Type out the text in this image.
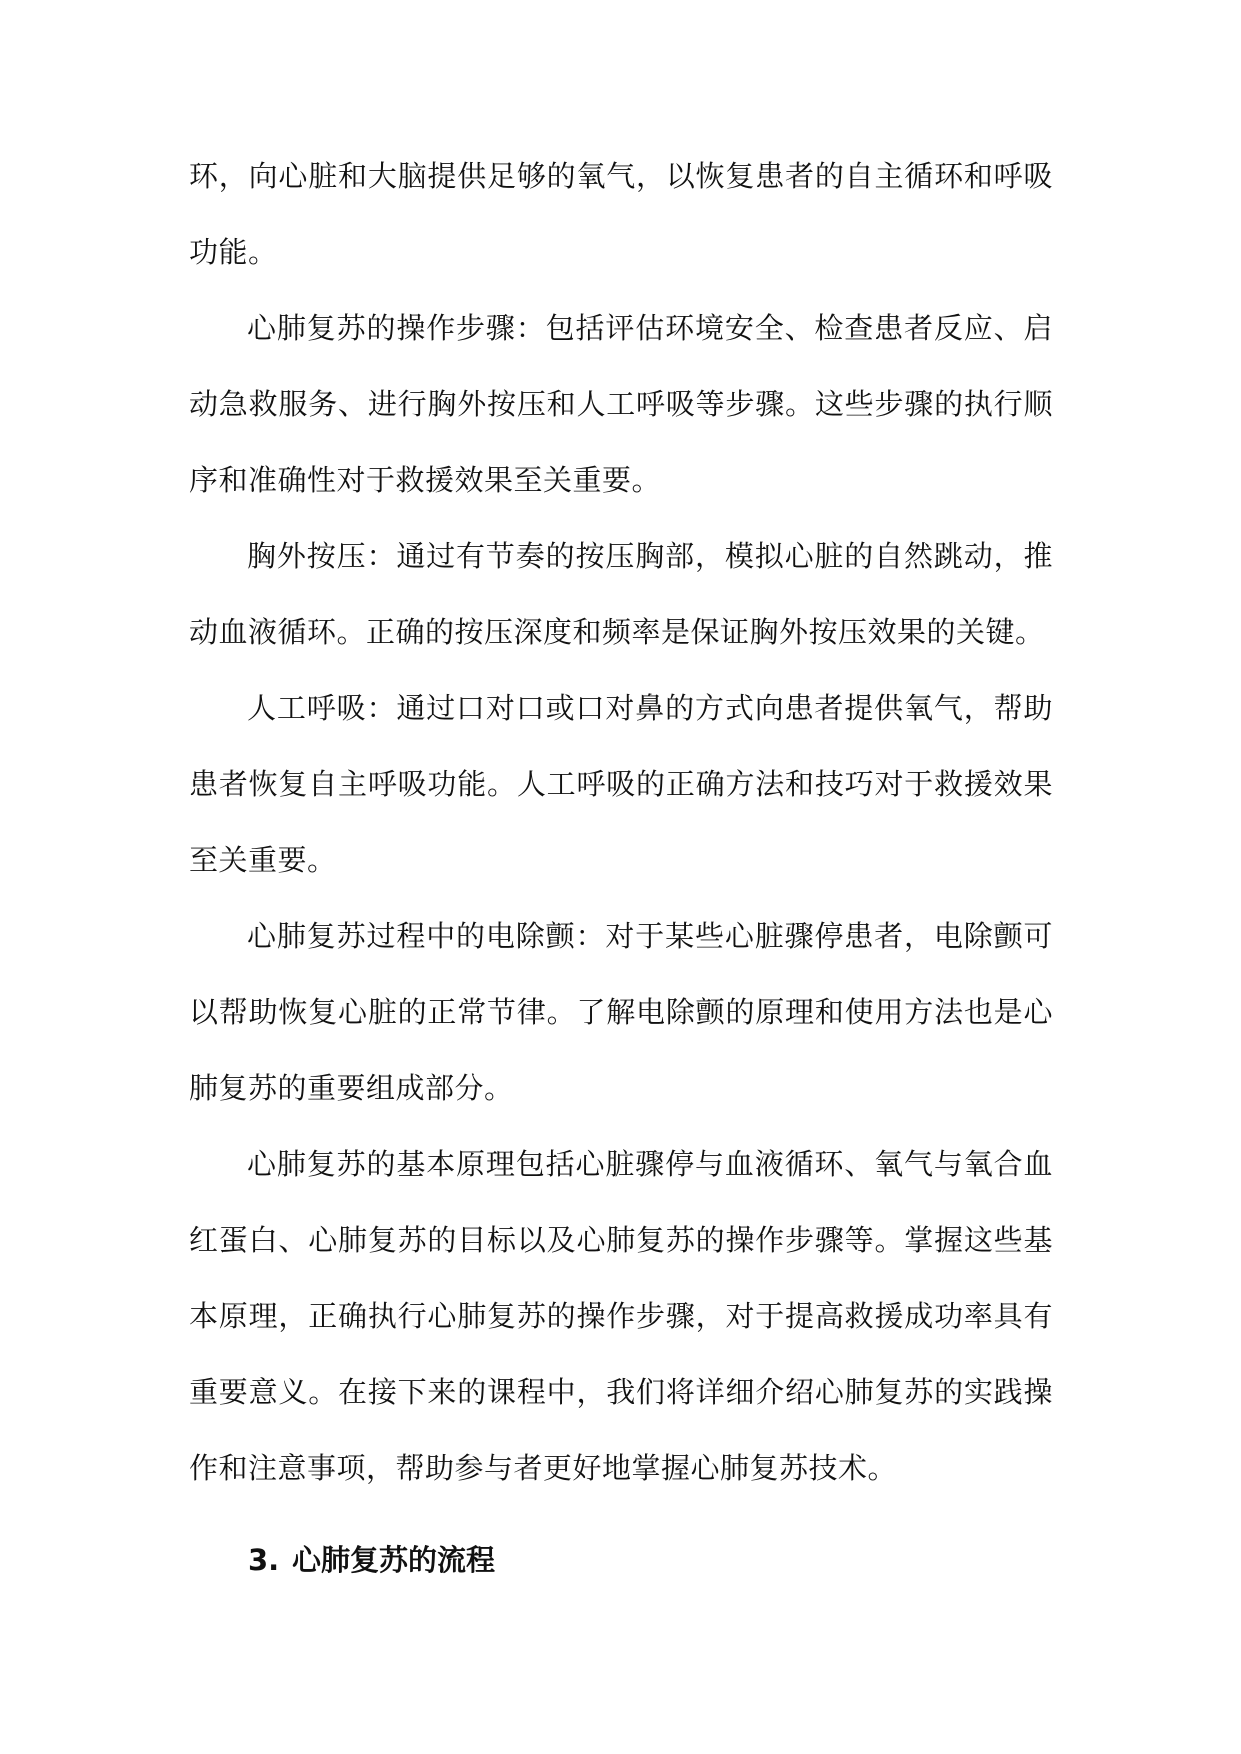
环，向心脏和大脑提供足够的氧气，以恢复患者的自主循环和呼吸功能。

心肺复苏的操作步骤：包括评估环境安全、检查患者反应、启动急救服务、进行胸外按压和人工呼吸等步骤。这些步骤的执行顺序和准确性对于救援效果至关重要。

胸外按压：通过有节奏的按压胸部，模拟心脏的自然跳动，推动血液循环。正确的按压深度和频率是保证胸外按压效果的关键。

人工呼吸：通过口对口或口对鼻的方式向患者提供氧气，帮助患者恢复自主呼吸功能。人工呼吸的正确方法和技巧对于救援效果至关重要。

心肺复苏过程中的电除颤：对于某些心脏骤停患者，电除颤可以帮助恢复心脏的正常节律。了解电除颤的原理和使用方法也是心肺复苏的重要组成部分。

心肺复苏的基本原理包括心脏骤停与血液循环、氧气与氧合血红蛋白、心肺复苏的目标以及心肺复苏的操作步骤等。掌握这些基本原理，正确执行心肺复苏的操作步骤，对于提高救援成功率具有重要意义。在接下来的课程中，我们将详细介绍心肺复苏的实践操作和注意事项，帮助参与者更好地掌握心肺复苏技术。

3. 心肺复苏的流程
